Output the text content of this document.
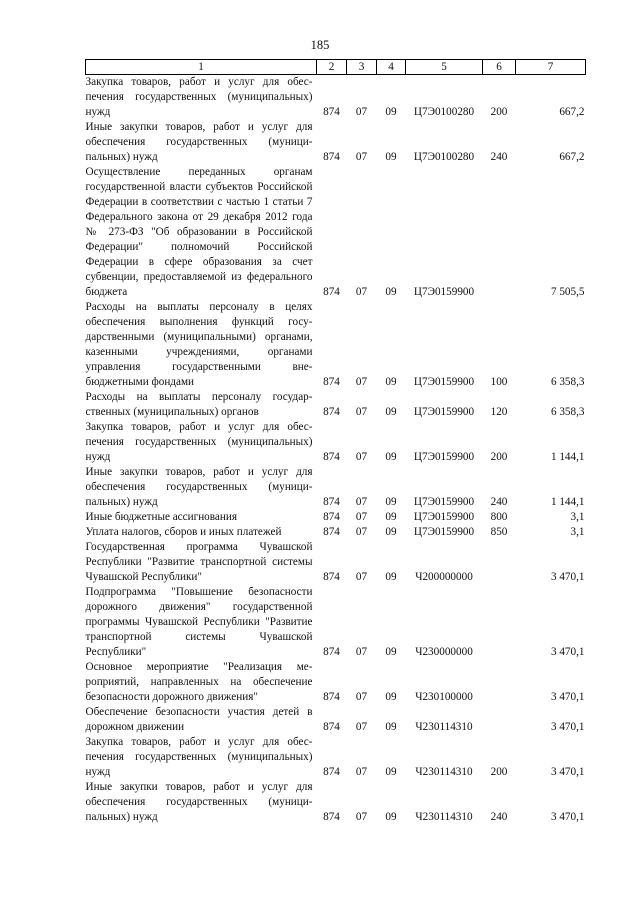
185
1	2	3	4	5	6	7
Закупка товаров, работ и услуг для обеспечения государственных (муниципальных) нужд	874	07	09	Ц7Э0100280	200	667,2
Иные закупки товаров, работ и услуг для обеспечения государственных (муниципальных) нужд	874	07	09	Ц7Э0100280	240	667,2
Осуществление переданных органам государственной власти субъектов Российской Федерации в соответствии с частью 1 статьи 7 Федерального закона от 29 декабря 2012 года № 273-ФЗ "Об образовании в Российской Федерации" полномочий Российской Федерации в сфере образования за счет субвенции, предоставляемой из федерального бюджета	874	07	09	Ц7Э0159900		7 505,5
Расходы на выплаты персоналу в целях обеспечения выполнения функций государственными (муниципальными) органами, казенными учреждениями, органами управления государственными внебюджетными фондами	874	07	09	Ц7Э0159900	100	6 358,3
Расходы на выплаты персоналу государственных (муниципальных) органов	874	07	09	Ц7Э0159900	120	6 358,3
Закупка товаров, работ и услуг для обеспечения государственных (муниципальных) нужд	874	07	09	Ц7Э0159900	200	1 144,1
Иные закупки товаров, работ и услуг для обеспечения государственных (муниципальных) нужд	874	07	09	Ц7Э0159900	240	1 144,1
Иные бюджетные ассигнования	874	07	09	Ц7Э0159900	800	3,1
Уплата налогов, сборов и иных платежей	874	07	09	Ц7Э0159900	850	3,1
Государственная программа Чувашской Республики "Развитие транспортной системы Чувашской Республики"	874	07	09	Ч200000000		3 470,1
Подпрограмма "Повышение безопасности дорожного движения" государственной программы Чувашской Республики "Развитие транспортной системы Чувашской Республики"	874	07	09	Ч230000000		3 470,1
Основное мероприятие "Реализация мероприятий, направленных на обеспечение безопасности дорожного движения"	874	07	09	Ч230100000		3 470,1
Обеспечение безопасности участия детей в дорожном движении	874	07	09	Ч230114310		3 470,1
Закупка товаров, работ и услуг для обеспечения государственных (муниципальных) нужд	874	07	09	Ч230114310	200	3 470,1
Иные закупки товаров, работ и услуг для обеспечения государственных (муниципальных) нужд	874	07	09	Ч230114310	240	3 470,1
